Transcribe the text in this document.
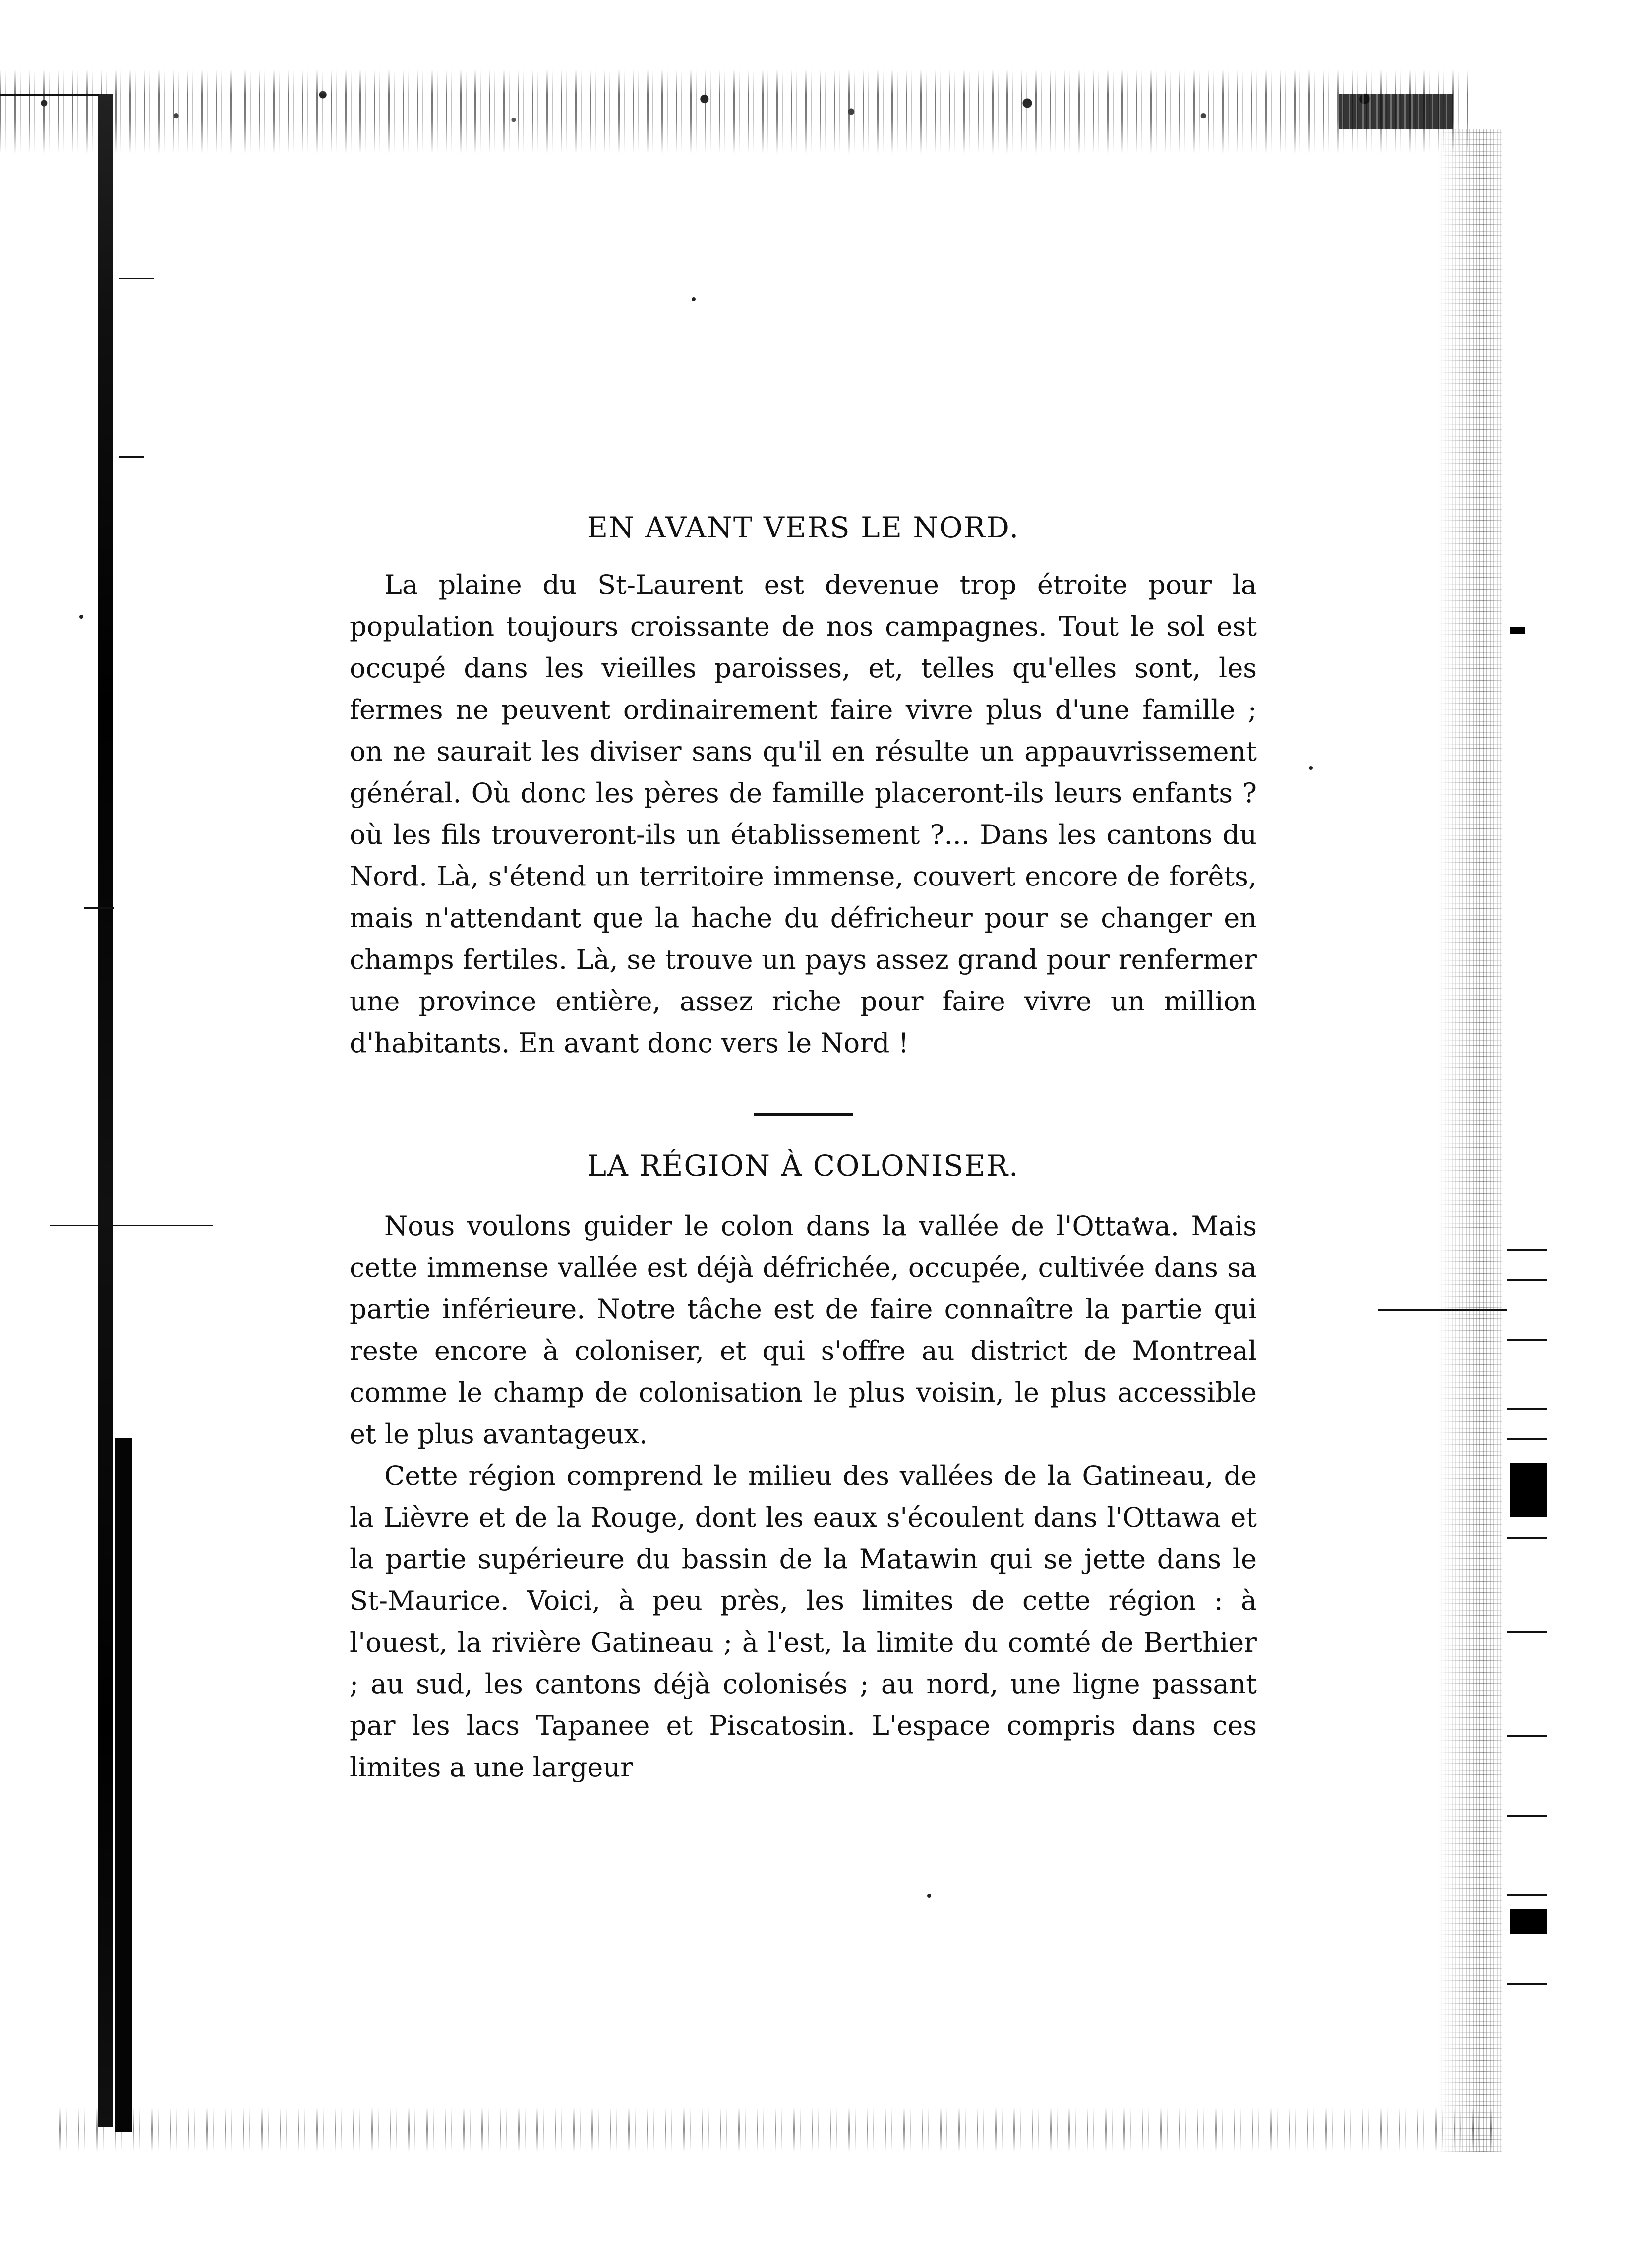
EN AVANT VERS LE NORD.

La plaine du St-Laurent est devenue trop étroite pour la population toujours croissante de nos campagnes. Tout le sol est occupé dans les vieilles paroisses, et, telles qu'elles sont, les fermes ne peuvent ordinairement faire vivre plus d'une famille ; on ne saurait les diviser sans qu'il en résulte un appauvrissement général. Où donc les pères de famille placeront-ils leurs enfants ? où les fils trouveront-ils un établissement ?... Dans les cantons du Nord. Là, s'étend un territoire immense, couvert encore de forêts, mais n'attendant que la hache du défricheur pour se changer en champs fertiles. Là, se trouve un pays assez grand pour renfermer une province entière, assez riche pour faire vivre un million d'habitants. En avant donc vers le Nord !

LA RÉGION À COLONISER.

Nous voulons guider le colon dans la vallée de l'Ottawa. Mais cette immense vallée est déjà défrichée, occupée, cultivée dans sa partie inférieure. Notre tâche est de faire connaître la partie qui reste encore à coloniser, et qui s'offre au district de Montreal comme le champ de colonisation le plus voisin, le plus accessible et le plus avantageux.

Cette région comprend le milieu des vallées de la Gatineau, de la Lièvre et de la Rouge, dont les eaux s'écoulent dans l'Ottawa et la partie supérieure du bassin de la Matawin qui se jette dans le St-Maurice. Voici, à peu près, les limites de cette région : à l'ouest, la rivière Gatineau ; à l'est, la limite du comté de Berthier ; au sud, les cantons déjà colonisés ; au nord, une ligne passant par les lacs Tapanee et Piscatosin. L'espace compris dans ces limites a une largeur
